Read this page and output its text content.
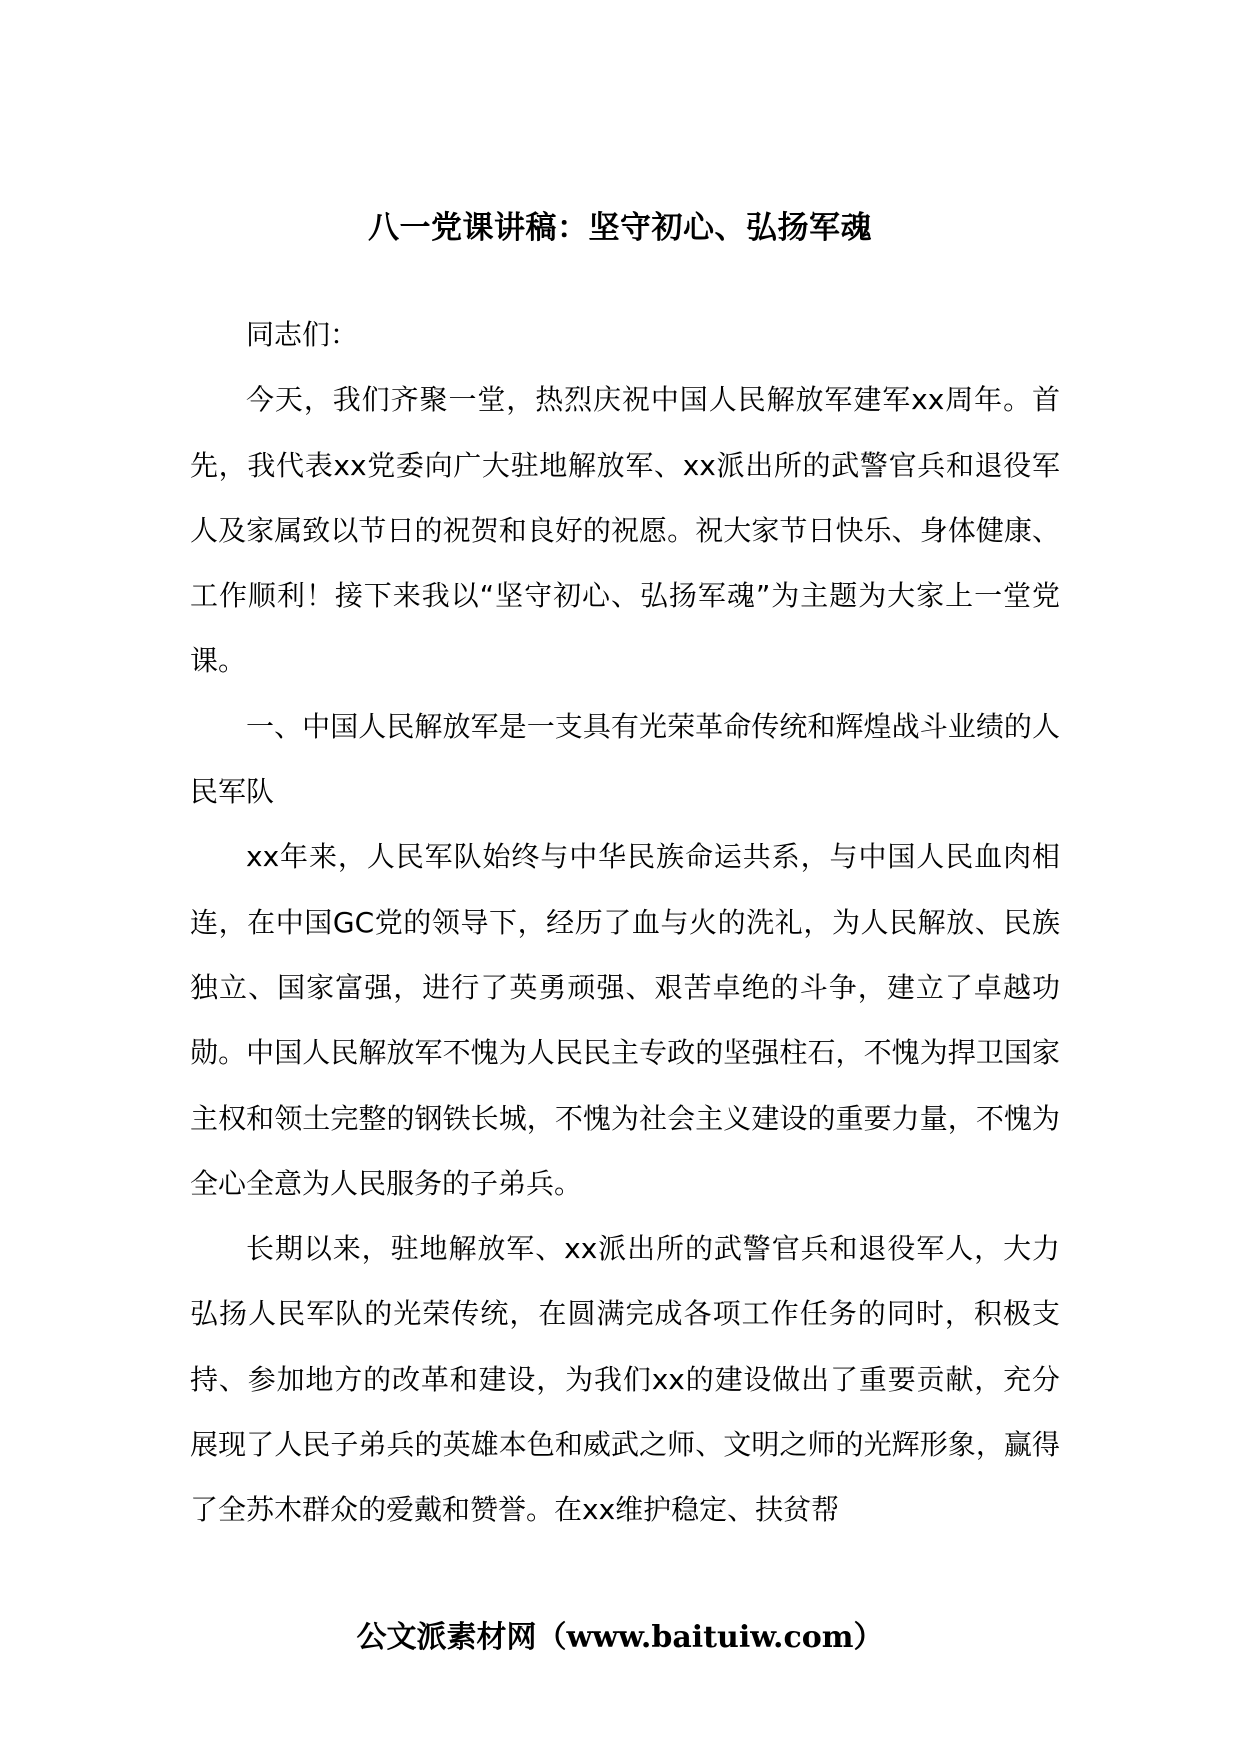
八一党课讲稿：坚守初心、弘扬军魂

同志们：

今天，我们齐聚一堂，热烈庆祝中国人民解放军建军xx周年。首先，我代表xx党委向广大驻地解放军、xx派出所的武警官兵和退役军人及家属致以节日的祝贺和良好的祝愿。祝大家节日快乐、身体健康、工作顺利！接下来我以“坚守初心、弘扬军魂”为主题为大家上一堂党课。

一、中国人民解放军是一支具有光荣革命传统和辉煌战斗业绩的人民军队

xx年来，人民军队始终与中华民族命运共系，与中国人民血肉相连，在中国GC党的领导下，经历了血与火的洗礼，为人民解放、民族独立、国家富强，进行了英勇顽强、艰苦卓绝的斗争，建立了卓越功勋。中国人民解放军不愧为人民民主专政的坚强柱石，不愧为捍卫国家主权和领土完整的钢铁长城，不愧为社会主义建设的重要力量，不愧为全心全意为人民服务的子弟兵。

长期以来，驻地解放军、xx派出所的武警官兵和退役军人，大力弘扬人民军队的光荣传统，在圆满完成各项工作任务的同时，积极支持、参加地方的改革和建设，为我们xx的建设做出了重要贡献，充分展现了人民子弟兵的英雄本色和威武之师、文明之师的光辉形象，赢得了全苏木群众的爱戴和赞誉。在xx维护稳定、扶贫帮

公文派素材网（www.baituiw.com）
